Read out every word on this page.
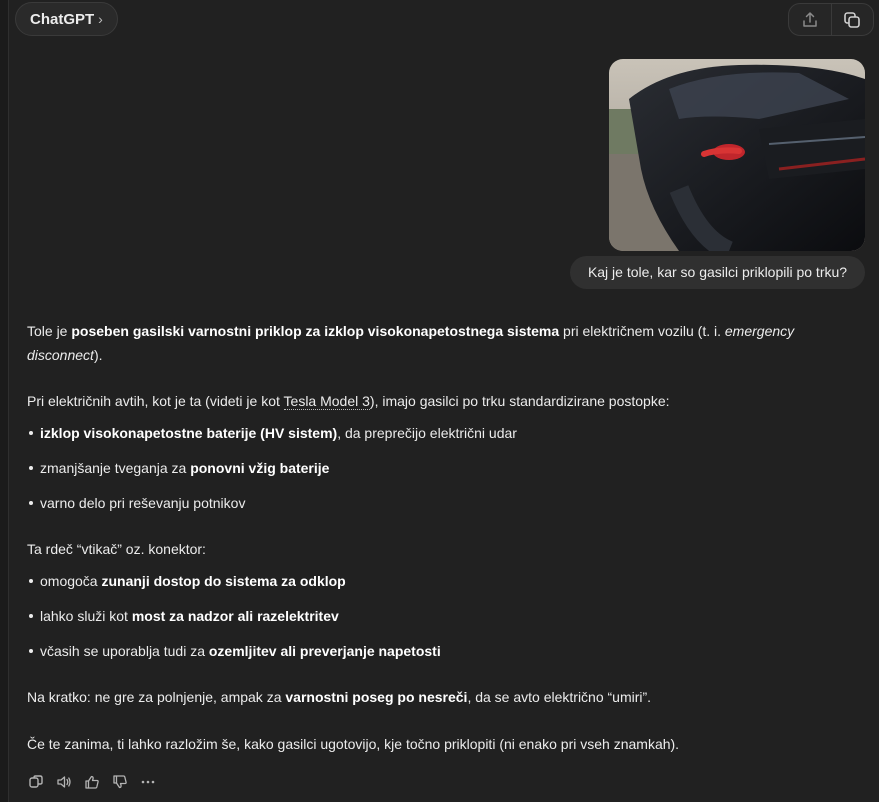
ChatGPT ›
Kaj je tole, kar so gasilci priklopili po trku?

Tole je poseben gasilski varnostni priklop za izklop visokonapetostnega sistema pri električnem vozilu (t. i. emergency disconnect).

Pri električnih avtih, kot je ta (videti je kot Tesla Model 3), imajo gasilci po trku standardizirane postopke:

izklop visokonapetostne baterije (HV sistem), da preprečijo električni udar
zmanjšanje tveganja za ponovni vžig baterije
varno delo pri reševanju potnikov

Ta rdeč “vtikač” oz. konektor:

omogoča zunanji dostop do sistema za odklop
lahko služi kot most za nadzor ali razelektritev
včasih se uporablja tudi za ozemljitev ali preverjanje napetosti

Na kratko: ne gre za polnjenje, ampak za varnostni poseg po nesreči, da se avto električno “umiri”.

Če te zanima, ti lahko razložim še, kako gasilci ugotovijo, kje točno priklopiti (ni enako pri vseh znamkah).
